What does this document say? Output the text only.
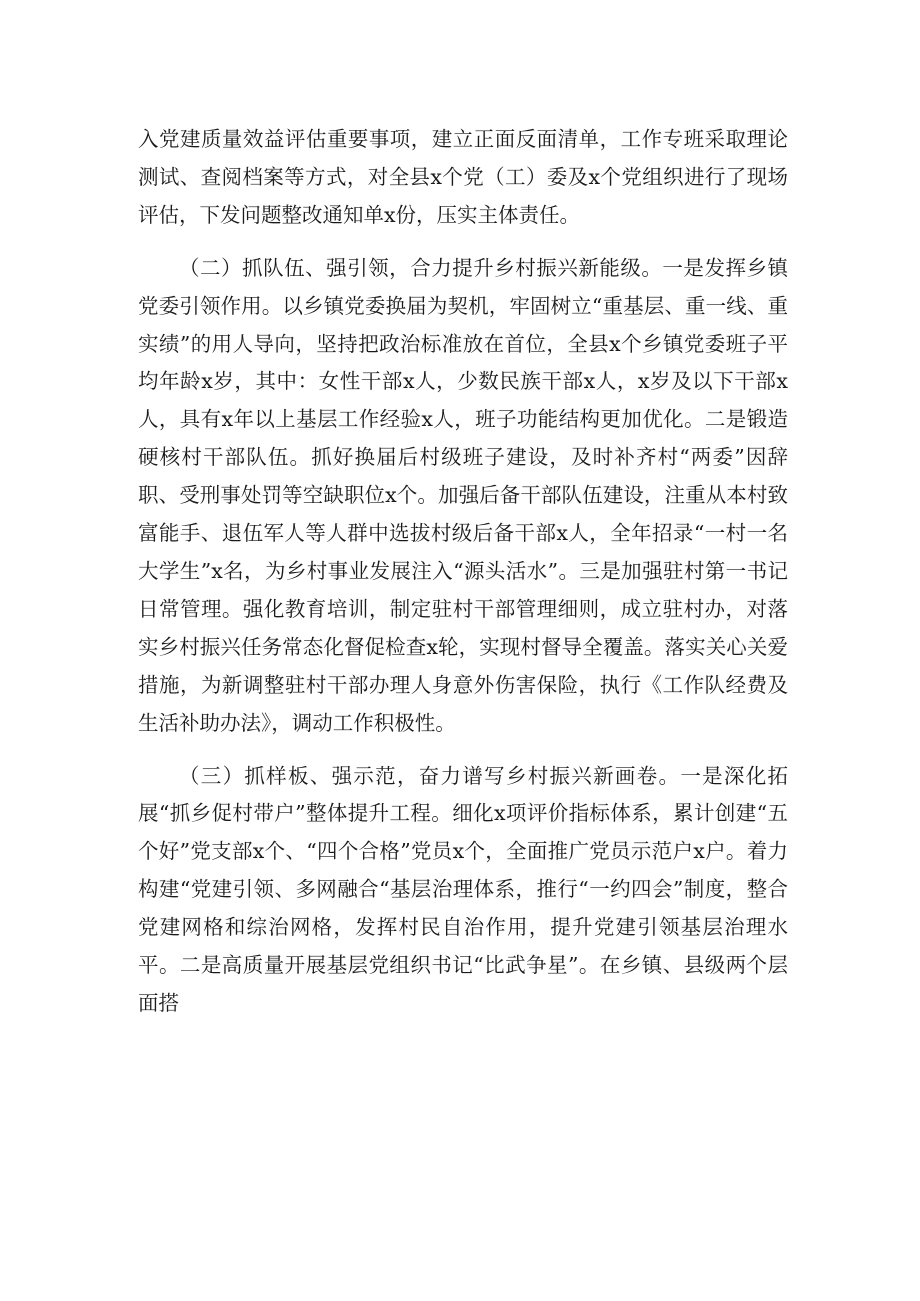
入党建质量效益评估重要事项，建立正面反面清单，工作专班采取理论测试、查阅档案等方式，对全县x个党（工）委及x个党组织进行了现场评估，下发问题整改通知单x份，压实主体责任。

（二）抓队伍、强引领，合力提升乡村振兴新能级。一是发挥乡镇党委引领作用。以乡镇党委换届为契机，牢固树立“重基层、重一线、重实绩”的用人导向，坚持把政治标准放在首位，全县x个乡镇党委班子平均年龄x岁，其中：女性干部x人，少数民族干部x人，x岁及以下干部x人，具有x年以上基层工作经验x人，班子功能结构更加优化。二是锻造硬核村干部队伍。抓好换届后村级班子建设，及时补齐村“两委”因辞职、受刑事处罚等空缺职位x个。加强后备干部队伍建设，注重从本村致富能手、退伍军人等人群中选拔村级后备干部x人，全年招录“一村一名大学生”x名，为乡村事业发展注入“源头活水”。三是加强驻村第一书记日常管理。强化教育培训，制定驻村干部管理细则，成立驻村办，对落实乡村振兴任务常态化督促检查x轮，实现村督导全覆盖。落实关心关爱措施，为新调整驻村干部办理人身意外伤害保险，执行《工作队经费及生活补助办法》，调动工作积极性。

（三）抓样板、强示范，奋力谱写乡村振兴新画卷。一是深化拓展“抓乡促村带户”整体提升工程。细化x项评价指标体系，累计创建“五个好”党支部x个、“四个合格”党员x个，全面推广党员示范户x户。着力构建“党建引领、多网融合“基层治理体系，推行“一约四会”制度，整合党建网格和综治网格，发挥村民自治作用，提升党建引领基层治理水平。二是高质量开展基层党组织书记“比武争星”。在乡镇、县级两个层面搭
